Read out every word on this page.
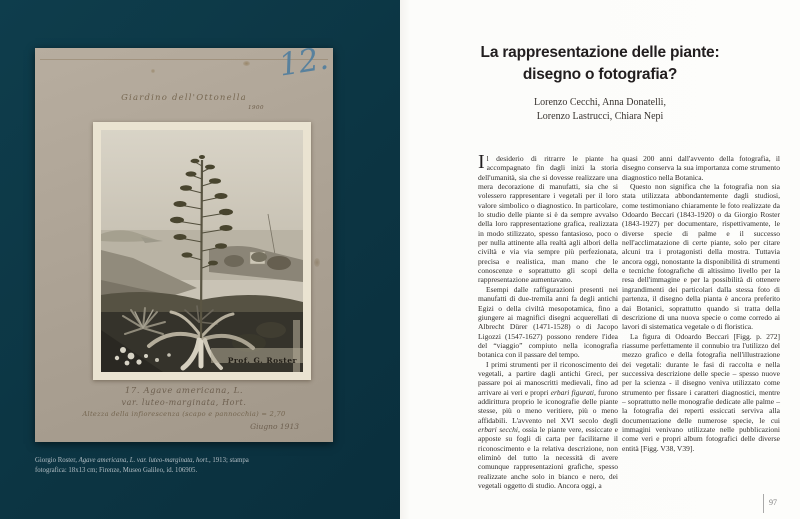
12.
Giardino dell'Ottonella
1900
Prof. G. Roster
17. Agave americana, L.
var. luteo-marginata, Hort.
Altezza della infiorescenza (scapo e pannocchia) = 2,70
Giugno 1913
Giorgio Roster, Agave americana, L. var. luteo-marginata, hort., 1913; stampa fotografica: 18x13 cm; Firenze, Museo Galileo, id. 106905.
La rappresentazione delle piante:
disegno o fotografia?
Lorenzo Cecchi, Anna Donatelli,
Lorenzo Lastrucci, Chiara Nepi

Il desiderio di ritrarre le piante ha accompagnato fin dagli inizi la storia dell'umanità, sia che si dovesse realizzare una mera decorazione di manufatti, sia che si volessero rappresentare i vegetali per il loro valore simbolico o diagnostico. In particolare, lo studio delle piante si è da sempre avvalso della loro rappresentazione grafica, realizzata in modo stilizzato, spesso fantasioso, poco o per nulla attinente alla realtà agli albori della civiltà e via via sempre più perfezionata, precisa e realistica, man mano che le conoscenze e soprattutto gli scopi della rappresentazione aumentavano.

Esempi dalle raffigurazioni presenti nei manufatti di due-tremila anni fa degli antichi Egizi o della civiltà mesopotamica, fino a giungere ai magnifici disegni acquerellati di Albrecht Dürer (1471-1528) o di Jacopo Ligozzi (1547-1627) possono rendere l'idea del “viaggio” compiuto nella iconografia botanica con il passare del tempo.

I primi strumenti per il riconoscimento dei vegetali, a partire dagli antichi Greci, per passare poi ai manoscritti medievali, fino ad arrivare ai veri e propri erbari figurati, furono addirittura proprio le iconografie delle piante stesse, più o meno veritiere, più o meno affidabili. L'avvento nel XVI secolo degli erbari secchi, ossia le piante vere, essiccate e apposte su fogli di carta per facilitarne il riconoscimento e la relativa descrizione, non eliminò del tutto la necessità di avere comunque rappresentazioni grafiche, spesso realizzate anche solo in bianco e nero, dei vegetali oggetto di studio. Ancora oggi, a

quasi 200 anni dall'avvento della fotografia, il disegno conserva la sua importanza come strumento diagnostico nella Botanica.

Questo non significa che la fotografia non sia stata utilizzata abbondantemente dagli studiosi, come testimoniano chiaramente le foto realizzate da Odoardo Beccari (1843-1920) o da Giorgio Roster (1843-1927) per documentare, rispettivamente, le diverse specie di palme e il successo nell'acclimatazione di certe piante, solo per citare alcuni tra i protagonisti della mostra. Tuttavia ancora oggi, nonostante la disponibilità di strumenti e tecniche fotografiche di altissimo livello per la resa dell'immagine e per la possibilità di ottenere ingrandimenti dei particolari dalla stessa foto di partenza, il disegno della pianta è ancora preferito dai Botanici, soprattutto quando si tratta della descrizione di una nuova specie o come corredo ai lavori di sistematica vegetale o di floristica.

La figura di Odoardo Beccari [Figg. p. 272] riassume perfettamente il connubio tra l'utilizzo del mezzo grafico e della fotografia nell'illustrazione dei vegetali: durante le fasi di raccolta e nella successiva descrizione delle specie – spesso nuove per la scienza - il disegno veniva utilizzato come strumento per fissare i caratteri diagnostici, mentre – soprattutto nelle monografie dedicate alle palme – la fotografia dei reperti essiccati serviva alla documentazione delle numerose specie, le cui immagini venivano utilizzate nelle pubblicazioni come veri e propri album fotografici delle diverse entità [Figg. V38, V39].

97
